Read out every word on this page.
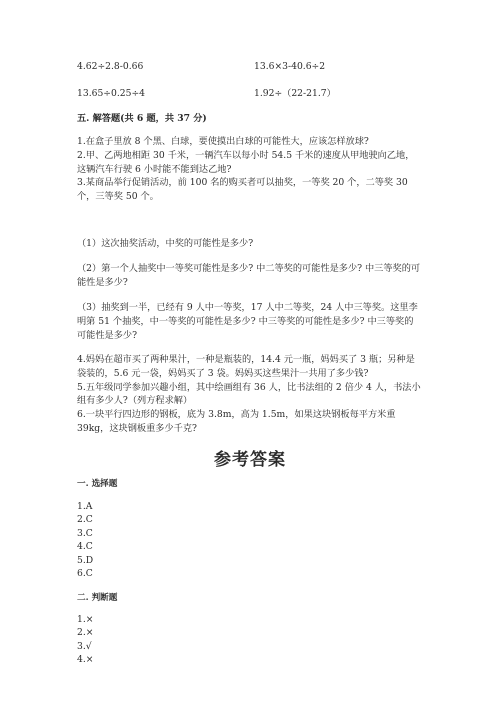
4.62÷2.8-0.66	13.6×3-40.6÷2
13.65÷0.25÷4	1.92÷（22-21.7）
五. 解答题(共 6 题，共 37 分)

1.在盒子里放 8 个黑、白球，要使摸出白球的可能性大，应该怎样放球?

2.甲、乙两地相距 30 千米，一辆汽车以每小时 54.5 千米的速度从甲地驶向乙地，这辆汽车行驶 6 小时能不能到达乙地?

3.某商品举行促销活动，前 100 名的购买者可以抽奖，一等奖 20 个，二等奖 30 个，三等奖 50 个。

（1）这次抽奖活动，中奖的可能性是多少?

（2）第一个人抽奖中一等奖可能性是多少? 中二等奖的可能性是多少? 中三等奖的可能性是多少?

（3）抽奖到一半，已经有 9 人中一等奖，17 人中二等奖，24 人中三等奖。这里李明第 51 个抽奖，中一等奖的可能性是多少? 中三等奖的可能性是多少? 中三等奖的可能性是多少?

4.妈妈在超市买了两种果汁，一种是瓶装的，14.4 元一瓶，妈妈买了 3 瓶；另种是袋装的，5.6 元一袋，妈妈买了 3 袋。妈妈买这些果汁一共用了多少钱?

5.五年级同学参加兴趣小组，其中绘画组有 36 人，比书法组的 2 倍少 4 人，书法小组有多少人?（列方程求解）

6.一块平行四边形的钢板，底为 3.8m，高为 1.5m，如果这块钢板每平方米重 39kg，这块钢板重多少千克?

参考答案
一. 选择题
1.A
2.C
3.C
4.C
5.D
6.C
二. 判断题
1.×
2.×
3.√
4.×
